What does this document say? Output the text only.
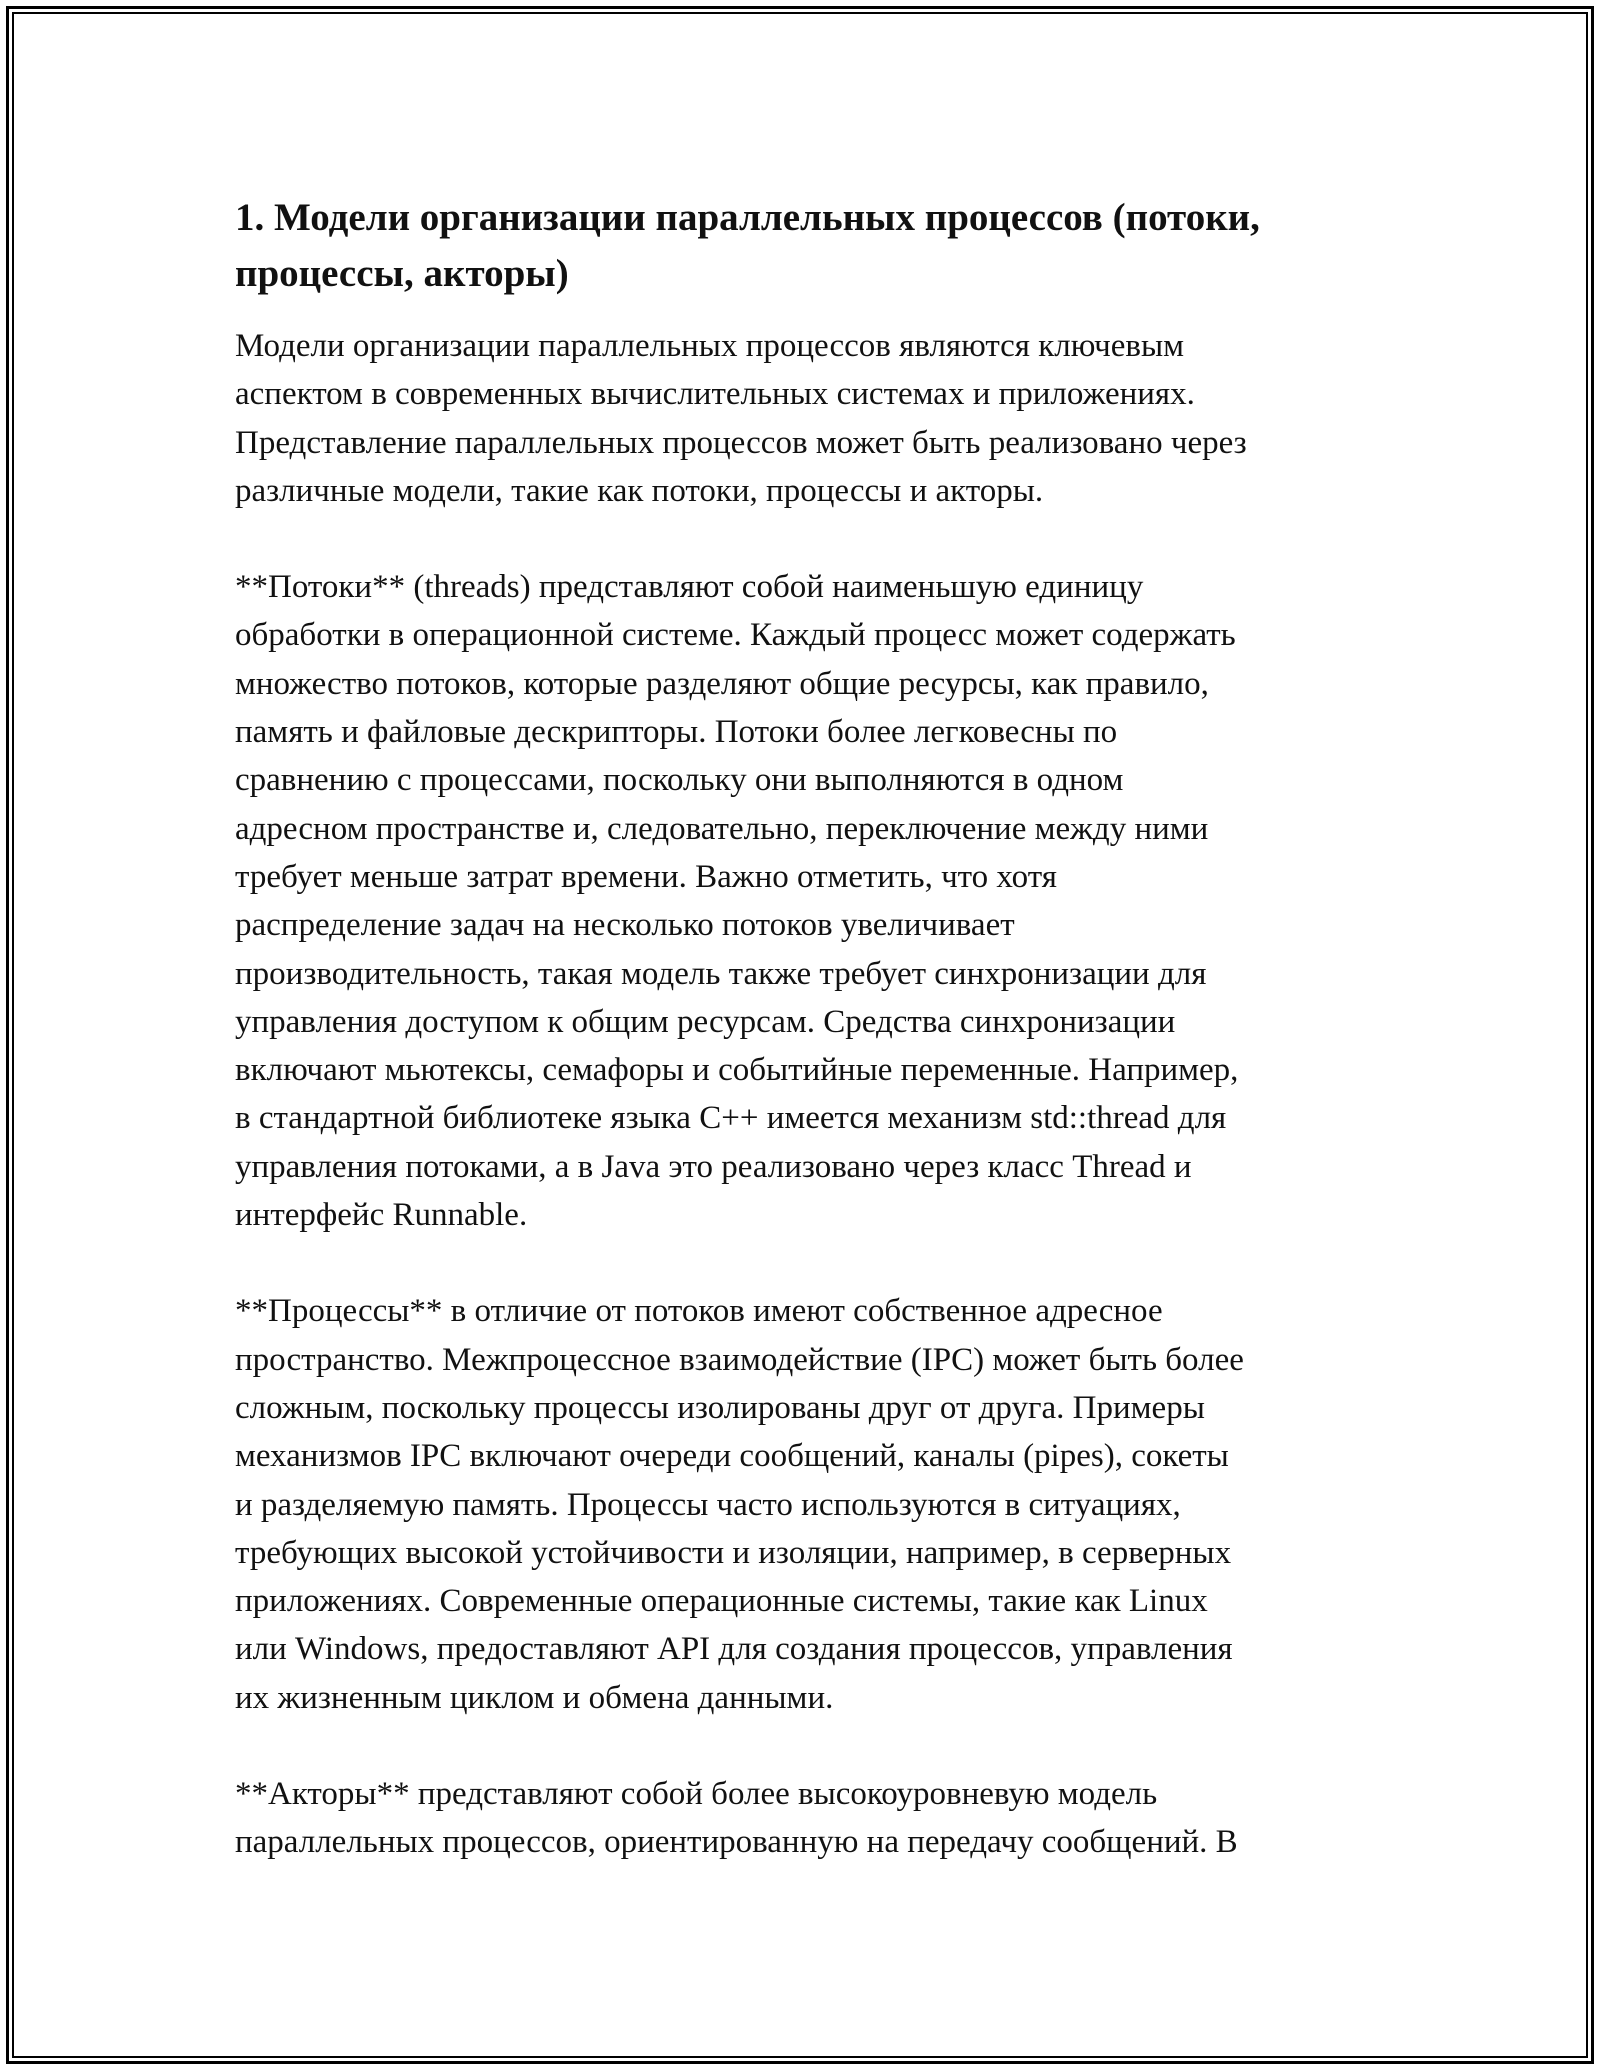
1. Модели организации параллельных процессов (потоки,
процессы, акторы)

Модели организации параллельных процессов являются ключевым
аспектом в современных вычислительных системах и приложениях.
Представление параллельных процессов может быть реализовано через
различные модели, такие как потоки, процессы и акторы.

**Потоки** (threads) представляют собой наименьшую единицу
обработки в операционной системе. Каждый процесс может содержать
множество потоков, которые разделяют общие ресурсы, как правило,
память и файловые дескрипторы. Потоки более легковесны по
сравнению с процессами, поскольку они выполняются в одном
адресном пространстве и, следовательно, переключение между ними
требует меньше затрат времени. Важно отметить, что хотя
распределение задач на несколько потоков увеличивает
производительность, такая модель также требует синхронизации для
управления доступом к общим ресурсам. Средства синхронизации
включают мьютексы, семафоры и событийные переменные. Например,
в стандартной библиотеке языка C++ имеется механизм std::thread для
управления потоками, а в Java это реализовано через класс Thread и
интерфейс Runnable.

**Процессы** в отличие от потоков имеют собственное адресное
пространство. Межпроцессное взаимодействие (IPC) может быть более
сложным, поскольку процессы изолированы друг от друга. Примеры
механизмов IPC включают очереди сообщений, каналы (pipes), сокеты
и разделяемую память. Процессы часто используются в ситуациях,
требующих высокой устойчивости и изоляции, например, в серверных
приложениях. Современные операционные системы, такие как Linux
или Windows, предоставляют API для создания процессов, управления
их жизненным циклом и обмена данными.

**Акторы** представляют собой более высокоуровневую модель
параллельных процессов, ориентированную на передачу сообщений. В
